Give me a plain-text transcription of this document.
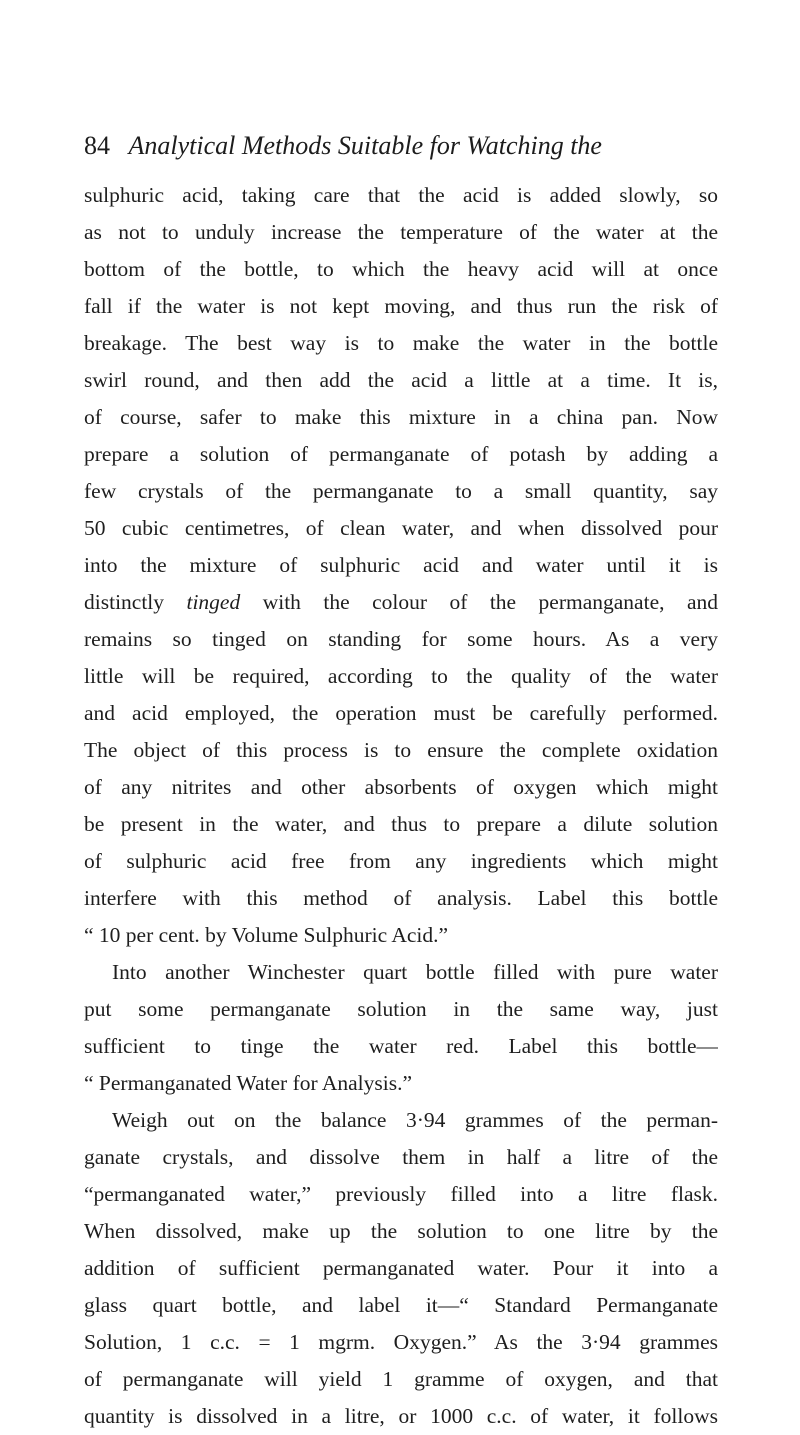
84 Analytical Methods Suitable for Watching the
sulphuric acid, taking care that the acid is added slowly, so
as not to unduly increase the temperature of the water at the
bottom of the bottle, to which the heavy acid will at once
fall if the water is not kept moving, and thus run the risk of
breakage. The best way is to make the water in the bottle
swirl round, and then add the acid a little at a time. It is,
of course, safer to make this mixture in a china pan. Now
prepare a solution of permanganate of potash by adding a
few crystals of the permanganate to a small quantity, say
50 cubic centimetres, of clean water, and when dissolved pour
into the mixture of sulphuric acid and water until it is
distinctly tinged with the colour of the permanganate, and
remains so tinged on standing for some hours. As a very
little will be required, according to the quality of the water
and acid employed, the operation must be carefully performed.
The object of this process is to ensure the complete oxidation
of any nitrites and other absorbents of oxygen which might
be present in the water, and thus to prepare a dilute solution
of sulphuric acid free from any ingredients which might
interfere with this method of analysis. Label this bottle
“ 10 per cent. by Volume Sulphuric Acid.”
Into another Winchester quart bottle filled with pure water
put some permanganate solution in the same way, just
sufficient to tinge the water red. Label this bottle—
“ Permanganated Water for Analysis.”
Weigh out on the balance 3·94 grammes of the perman-
ganate crystals, and dissolve them in half a litre of the
“permanganated water,” previously filled into a litre flask.
When dissolved, make up the solution to one litre by the
addition of sufficient permanganated water. Pour it into a
glass quart bottle, and label it—“ Standard Permanganate
Solution, 1 c.c. = 1 mgrm. Oxygen.” As the 3·94 grammes
of permanganate will yield 1 gramme of oxygen, and that
quantity is dissolved in a litre, or 1000 c.c. of water, it follows
